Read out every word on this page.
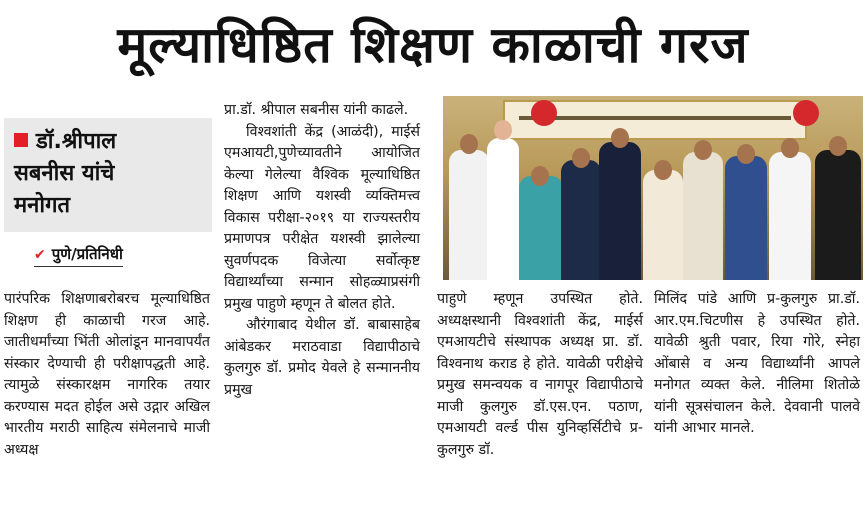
मूल्याधिष्ठित शिक्षण काळाची गरज
डॉ.श्रीपाल
सबनीस यांचे
मनोगत
✔ पुणे/प्रतिनिधी

पारंपरिक शिक्षणाबरोबरच मूल्याधिष्ठित शिक्षण ही काळाची गरज आहे. जातीधर्मांच्या भिंती ओलांडून मानवापर्यंत संस्कार देण्याची ही परीक्षापद्धती आहे. त्यामुळे संस्कारक्षम नागरिक तयार करण्यास मदत होईल असे उद्गार अखिल भारतीय मराठी साहित्य संमेलनाचे माजी अध्यक्ष

प्रा.डॉ. श्रीपाल सबनीस यांनी काढले.

विश्वशांती केंद्र (आळंदी), माईर्स एमआयटी,पुणेच्यावतीने आयोजित केल्या गेलेल्या वैश्विक मूल्याधिष्ठित शिक्षण आणि यशस्वी व्यक्तिमत्त्व विकास परीक्षा-२०१९ या राज्यस्तरीय प्रमाणपत्र परीक्षेत यशस्वी झालेल्या सुवर्णपदक विजेत्या सर्वोत्कृष्ट विद्यार्थ्यांच्या सन्मान सोहळ्याप्रसंगी प्रमुख पाहुणे म्हणून ते बोलत होते.

औरंगाबाद येथील डॉ. बाबासाहेब आंबेडकर मराठवाडा विद्यापीठाचे कुलगुरु डॉ. प्रमोद येवले हे सन्माननीय प्रमुख

पाहुणे म्हणून उपस्थित होते. अध्यक्षस्थानी विश्वशांती केंद्र, माईर्स एमआयटीचे संस्थापक अध्यक्ष प्रा. डॉ. विश्वनाथ कराड हे होते. यावेळी परीक्षेचे प्रमुख समन्वयक व नागपूर विद्यापीठाचे माजी कुलगुरु डॉ.एस.एन. पठाण, एमआयटी वर्ल्ड पीस युनिव्हर्सिटीचे प्र-कुलगुरु डॉ.

मिलिंद पांडे आणि प्र-कुलगुरु प्रा.डॉ. आर.एम.चिटणीस हे उपस्थित होते. यावेळी श्रुती पवार, रिया गोरे, स्नेहा ओंबासे व अन्य विद्यार्थ्यांनी आपले मनोगत व्यक्त केले. नीलिमा शितोळे यांनी सूत्रसंचालन केले. देववानी पालवे यांनी आभार मानले.
